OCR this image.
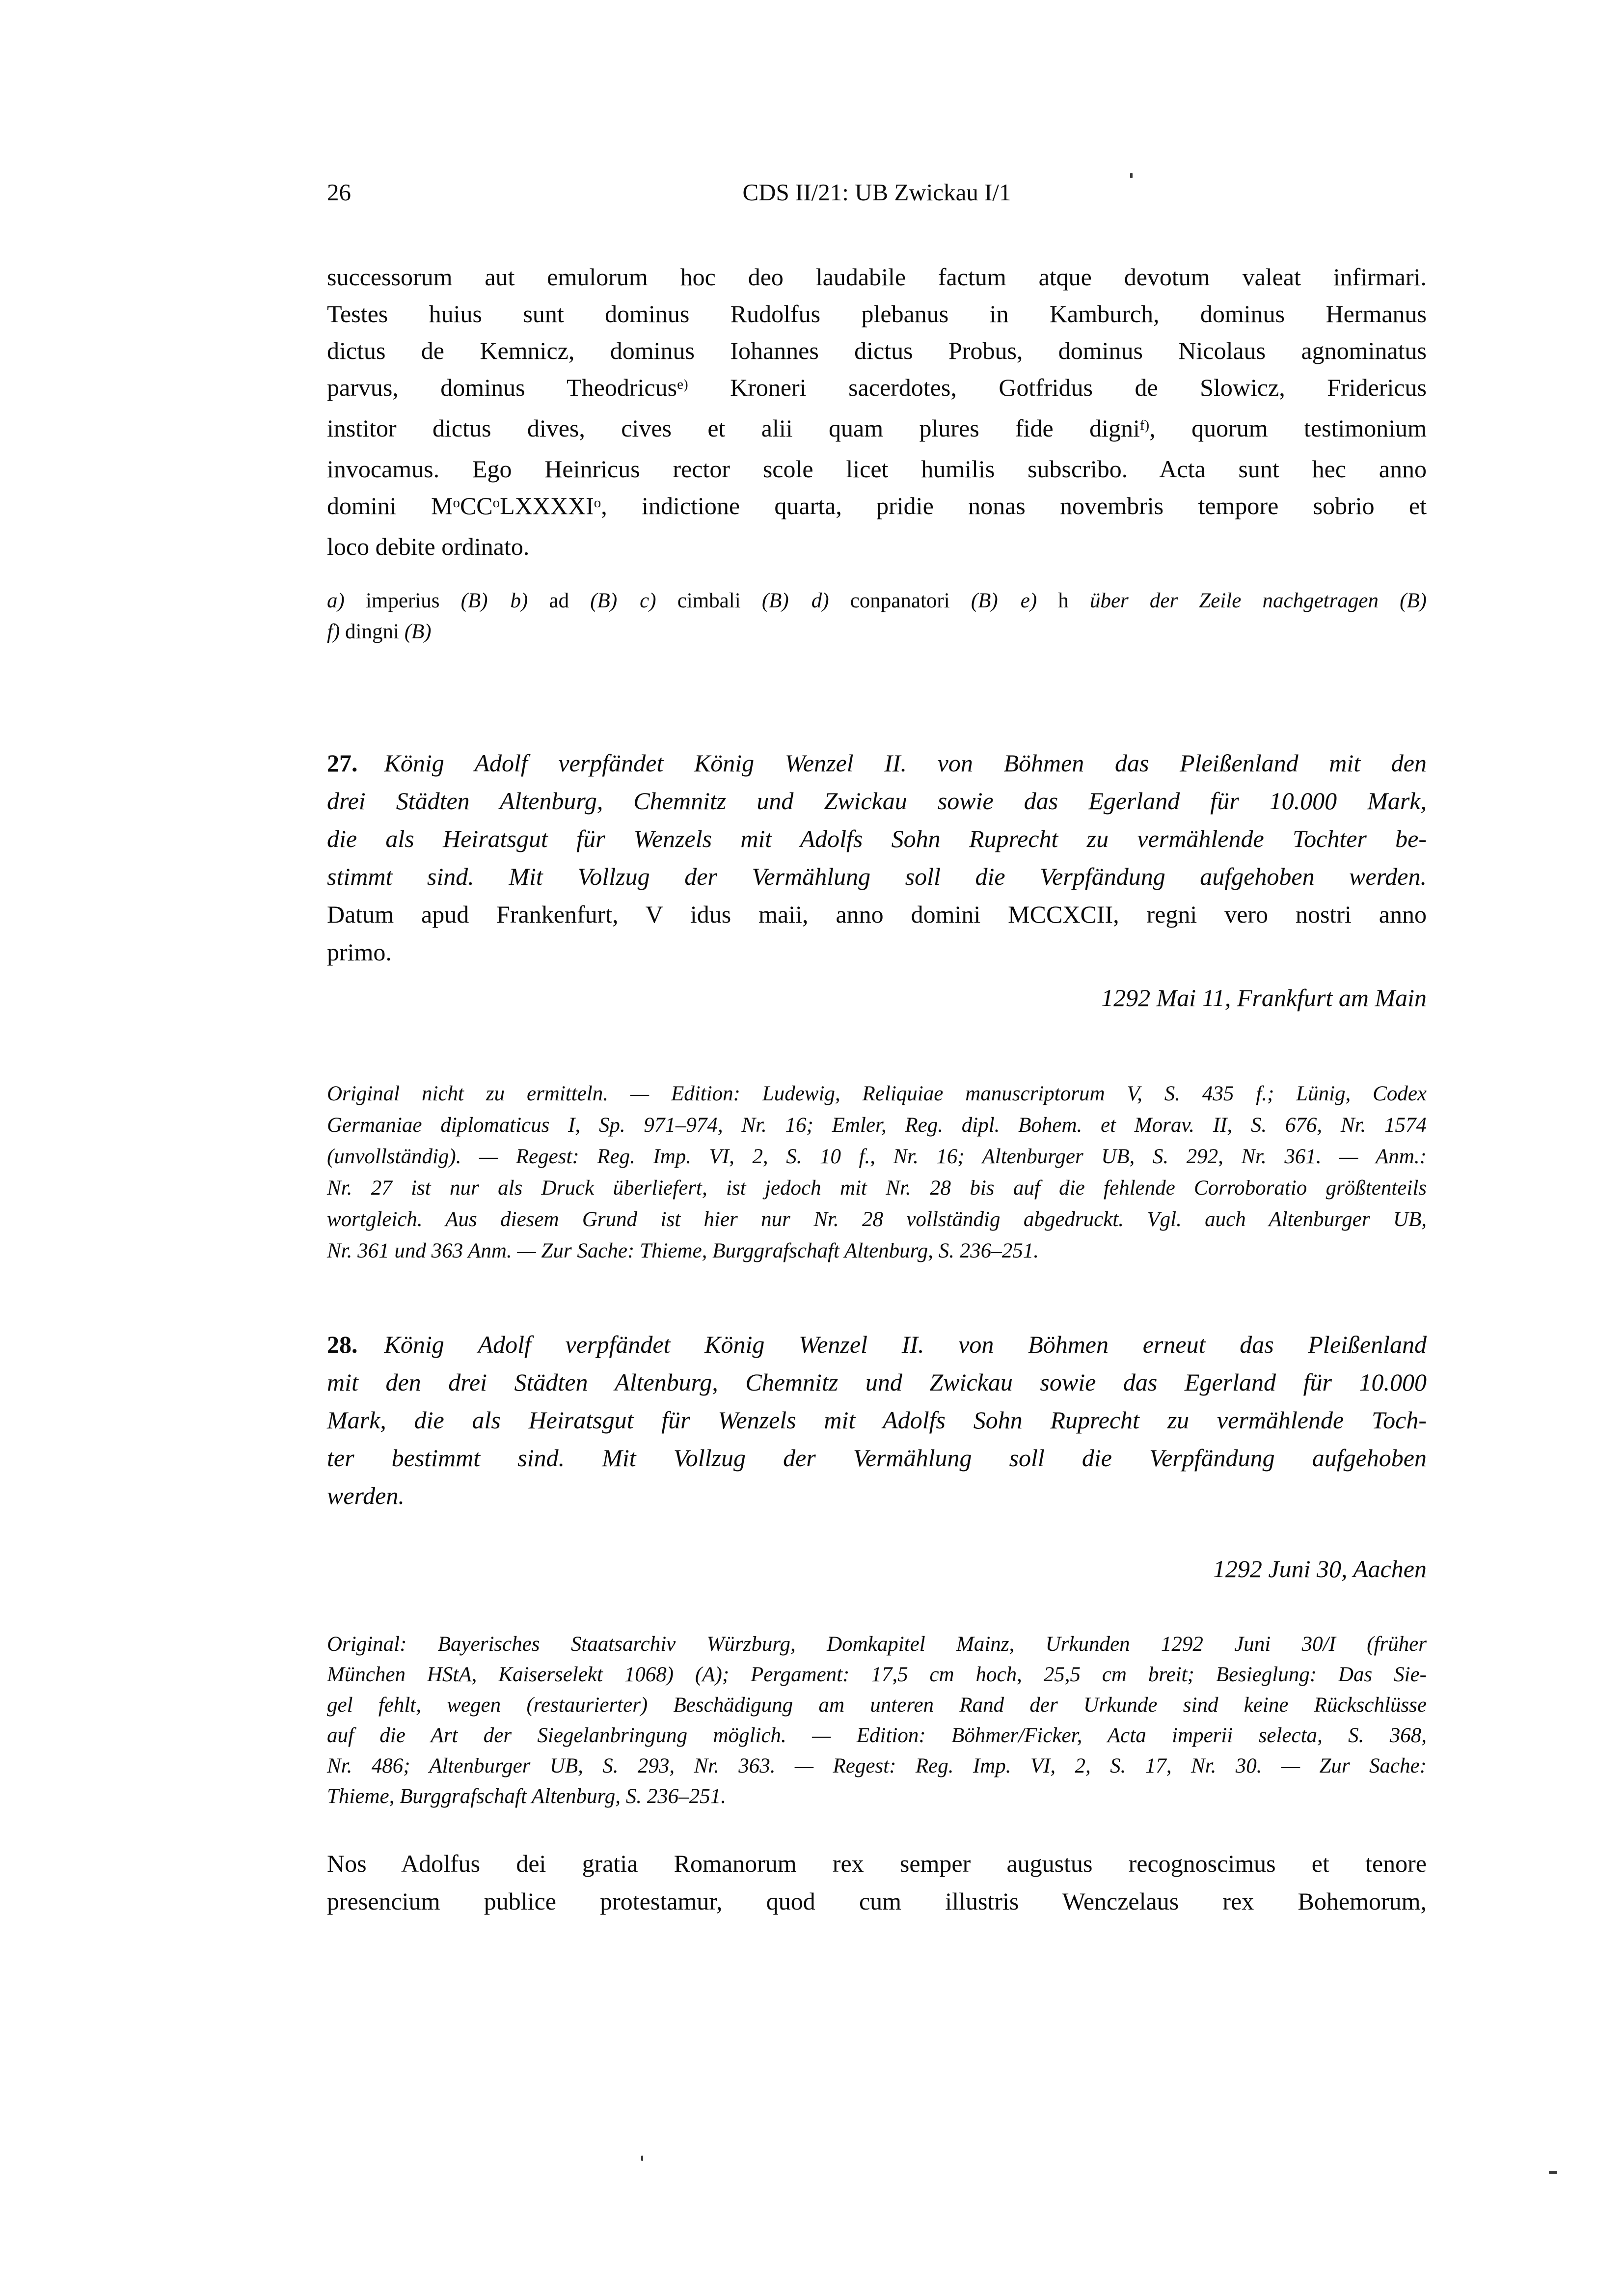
26	CDS II/21: UB Zwickau I/1
successorum aut emulorum hoc deo laudabile factum atque devotum valeat infirmari.
Testes huius sunt dominus Rudolfus plebanus in Kamburch, dominus Hermanus
dictus de Kemnicz, dominus Iohannes dictus Probus, dominus Nicolaus agnominatus
parvus, dominus Theodricus$^{e)}$ Kroneri sacerdotes, Gotfridus de Slowicz, Fridericus
institor dictus dives, cives et alii quam plures fide digni$^{f)}$, quorum testimonium
invocamus. Ego Heinricus rector scole licet humilis subscribo. Acta sunt hec anno
domini $M^oCC^oLXXXXI^o$, indictione quarta, pridie nonas novembris tempore sobrio et
loco debite ordinato.
a) imperius (B) b) ad (B) c) cimbali (B) d) conpanatori (B) e) h über der Zeile nachgetragen (B)
f) dingni (B)
27. König Adolf verpfändet König Wenzel II. von Böhmen das Pleißenland mit den
drei Städten Altenburg, Chemnitz und Zwickau sowie das Egerland für 10.000 Mark,
die als Heiratsgut für Wenzels mit Adolfs Sohn Ruprecht zu vermählende Tochter be-
stimmt sind. Mit Vollzug der Vermählung soll die Verpfändung aufgehoben werden.
Datum apud Frankenfurt, V idus maii, anno domini MCCXCII, regni vero nostri anno
primo.
1292 Mai 11, Frankfurt am Main
Original nicht zu ermitteln. — Edition: Ludewig, Reliquiae manuscriptorum V, S. 435 f.; Lünig, Codex
Germaniae diplomaticus I, Sp. 971–974, Nr. 16; Emler, Reg. dipl. Bohem. et Morav. II, S. 676, Nr. 1574
(unvollständig). — Regest: Reg. Imp. VI, 2, S. 10 f., Nr. 16; Altenburger UB, S. 292, Nr. 361. — Anm.:
Nr. 27 ist nur als Druck überliefert, ist jedoch mit Nr. 28 bis auf die fehlende Corroboratio größtenteils
wortgleich. Aus diesem Grund ist hier nur Nr. 28 vollständig abgedruckt. Vgl. auch Altenburger UB,
Nr. 361 und 363 Anm. — Zur Sache: Thieme, Burggrafschaft Altenburg, S. 236–251.
28. König Adolf verpfändet König Wenzel II. von Böhmen erneut das Pleißenland
mit den drei Städten Altenburg, Chemnitz und Zwickau sowie das Egerland für 10.000
Mark, die als Heiratsgut für Wenzels mit Adolfs Sohn Ruprecht zu vermählende Toch-
ter bestimmt sind. Mit Vollzug der Vermählung soll die Verpfändung aufgehoben
werden.
1292 Juni 30, Aachen
Original: Bayerisches Staatsarchiv Würzburg, Domkapitel Mainz, Urkunden 1292 Juni 30/I (früher
München HStA, Kaiserselekt 1068) (A); Pergament: 17,5 cm hoch, 25,5 cm breit; Besieglung: Das Sie-
gel fehlt, wegen (restaurierter) Beschädigung am unteren Rand der Urkunde sind keine Rückschlüsse
auf die Art der Siegelanbringung möglich. — Edition: Böhmer/Ficker, Acta imperii selecta, S. 368,
Nr. 486; Altenburger UB, S. 293, Nr. 363. — Regest: Reg. Imp. VI, 2, S. 17, Nr. 30. — Zur Sache:
Thieme, Burggrafschaft Altenburg, S. 236–251.
Nos Adolfus dei gratia Romanorum rex semper augustus recognoscimus et tenore
presencium publice protestamur, quod cum illustris Wenczelaus rex Bohemorum,
